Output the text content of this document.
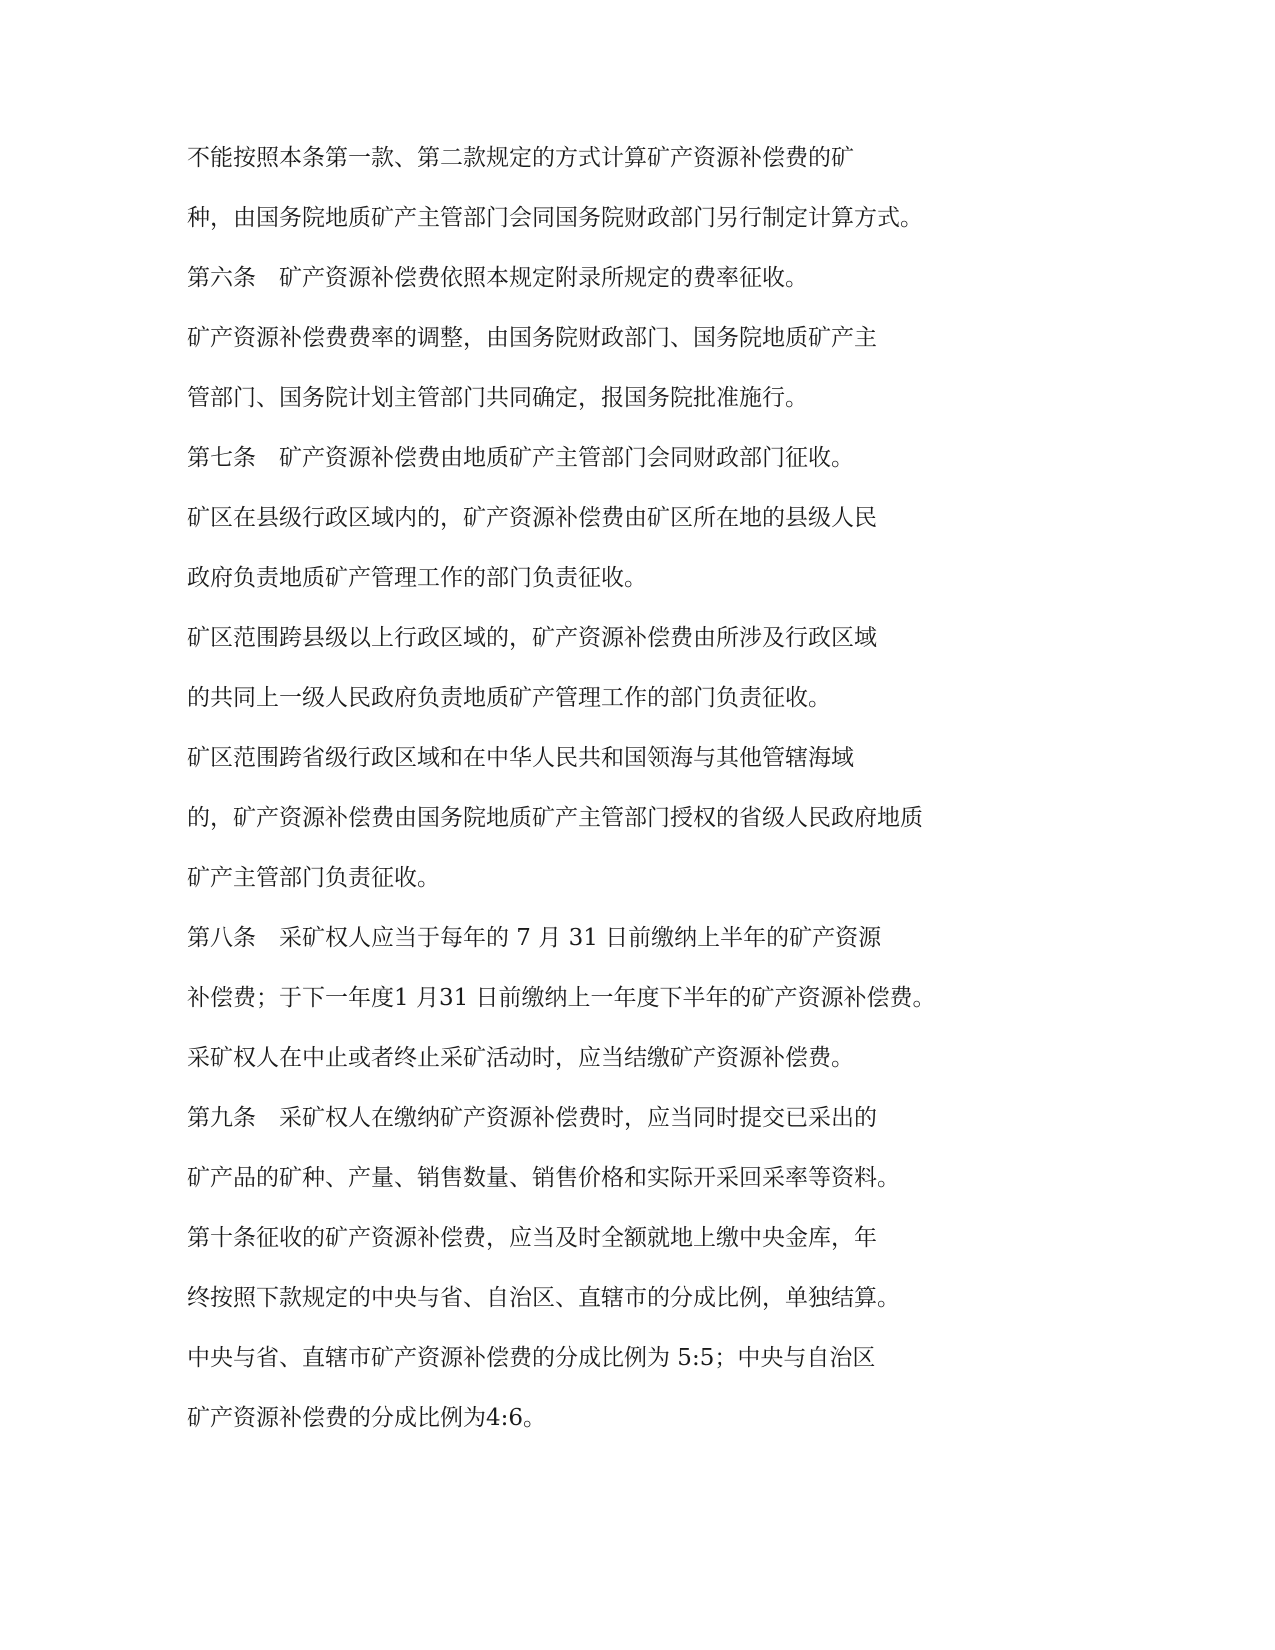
不能按照本条第一款、第二款规定的方式计算矿产资源补偿费的矿
种，由国务院地质矿产主管部门会同国务院财政部门另行制定计算方式。
第六条　矿产资源补偿费依照本规定附录所规定的费率征收。
矿产资源补偿费费率的调整，由国务院财政部门、国务院地质矿产主
管部门、国务院计划主管部门共同确定，报国务院批准施行。
第七条　矿产资源补偿费由地质矿产主管部门会同财政部门征收。
矿区在县级行政区域内的，矿产资源补偿费由矿区所在地的县级人民
政府负责地质矿产管理工作的部门负责征收。
矿区范围跨县级以上行政区域的，矿产资源补偿费由所涉及行政区域
的共同上一级人民政府负责地质矿产管理工作的部门负责征收。
矿区范围跨省级行政区域和在中华人民共和国领海与其他管辖海域
的，矿产资源补偿费由国务院地质矿产主管部门授权的省级人民政府地质
矿产主管部门负责征收。
第八条　采矿权人应当于每年的 7 月 31 日前缴纳上半年的矿产资源
补偿费；于下一年度1 月31 日前缴纳上一年度下半年的矿产资源补偿费。
采矿权人在中止或者终止采矿活动时，应当结缴矿产资源补偿费。
第九条　采矿权人在缴纳矿产资源补偿费时，应当同时提交已采出的
矿产品的矿种、产量、销售数量、销售价格和实际开采回采率等资料。
第十条征收的矿产资源补偿费，应当及时全额就地上缴中央金库，年
终按照下款规定的中央与省、自治区、直辖市的分成比例，单独结算。
中央与省、直辖市矿产资源补偿费的分成比例为 5:5；中央与自治区
矿产资源补偿费的分成比例为4:6。
